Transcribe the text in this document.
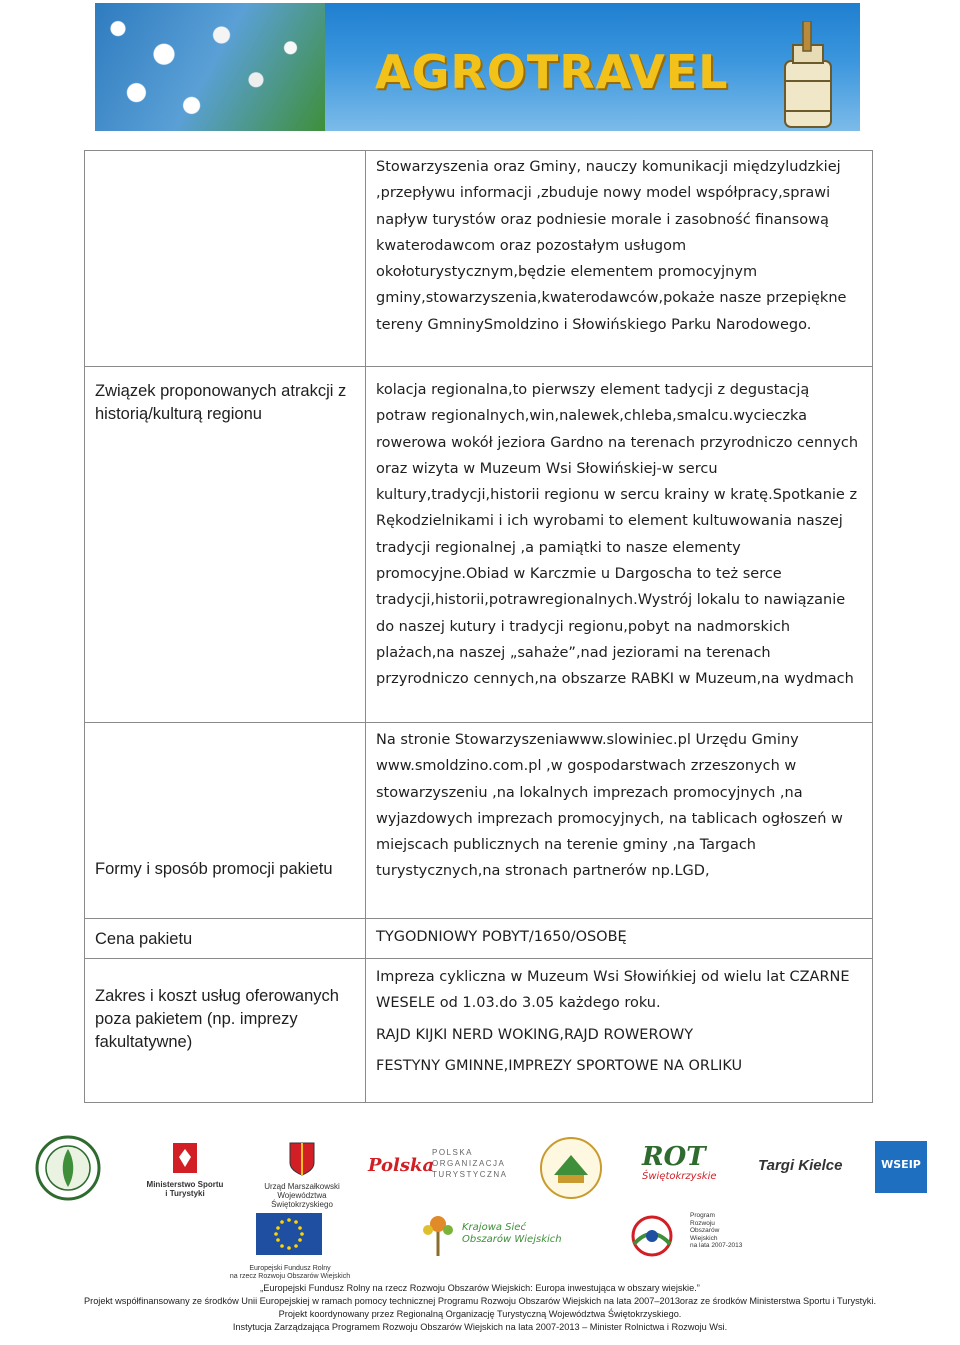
AGROTRAVEL

	Stowarzyszenia oraz Gminy, nauczy komunikacji międzyludzkiej ,przepływu informacji ,zbuduje nowy model współpracy,sprawi napływ turystów oraz podniesie morale i zasobność finansową kwaterodawcom oraz pozostałym usługom okołoturystycznym,będzie elementem promocyjnym gminy,stowarzyszenia,kwaterodawców,pokaże nasze przepiękne tereny GmninySmoldzino i Słowińskiego Parku Narodowego.

Związek proponowanych atrakcji z historią/kulturą regionu	kolacja regionalna,to pierwszy element tadycji z degustacją potraw regionalnych,win,nalewek,chleba,smalcu.wycieczka rowerowa wokół jeziora Gardno na terenach przyrodniczo cennych oraz wizyta w Muzeum Wsi Słowińskiej-w sercu kultury,tradycji,historii regionu w sercu krainy w kratę.Spotkanie z Rękodzielnikami i ich wyrobami to element kultuwowania naszej tradycji regionalnej ,a pamiątki to nasze elementy promocyjne.Obiad w Karczmie u Dargoscha to też serce tradycji,historii,potrawregionalnych.Wystrój lokalu to nawiązanie do naszej kutury i tradycji regionu,pobyt na nadmorskich plażach,na naszej „sahaże”,nad jeziorami na terenach przyrodniczo cennych,na obszarze RABKI w Muzeum,na wydmach

Formy i sposób promocji pakietu	Na stronie Stowarzyszeniawww.slowiniec.pl Urzędu Gminy www.smoldzino.com.pl ,w gospodarstwach zrzeszonych w stowarzyszeniu ,na lokalnych imprezach promocyjnych ,na wyjazdowych imprezach promocyjnych, na tablicach ogłoszeń w miejscach publicznych na terenie gminy ,na Targach turystycznych,na stronach partnerów np.LGD,

Cena pakietu	TYGODNIOWY POBYT/1650/OSOBĘ

Zakres i koszt usług oferowanych poza pakietem (np. imprezy fakultatywne)	Impreza cykliczna w Muzeum Wsi Słowińkiej od wielu lat CZARNE WESELE od 1.03.do 3.05 każdego roku.
RAJD KIJKI NERD WOKING,RAJD ROWEROWY
FESTYNY GMINNE,IMPREZY SPORTOWE NA ORLIKU
Ministerstwo Sportu i Turystyki
Urząd Marszałkowski Województwa Świętokrzyskiego
Polska
POLSKA
ORGANIZACJA
TURYSTYCZNA
ROT
Świętokrzyskie
Targi Kielce	WSEIP
Krajowa Sieć
Obszarów Wiejskich
Program
Rozwoju
Obszarów
Wiejskich
na lata 2007-2013
Europejski Fundusz Rolny
na rzecz Rozwoju Obszarów Wiejskich
„Europejski Fundusz Rolny na rzecz Rozwoju Obszarów Wiejskich: Europa inwestująca w obszary wiejskie.”
Projekt współfinansowany ze środków Unii Europejskiej w ramach pomocy technicznej Programu Rozwoju Obszarów Wiejskich na lata 2007–2013oraz ze środków Ministerstwa Sportu i Turystyki.
Projekt koordynowany przez Regionalną Organizację Turystyczną Województwa Świętokrzyskiego.
Instytucja Zarządzająca Programem Rozwoju Obszarów Wiejskich na lata 2007-2013 – Minister Rolnictwa i Rozwoju Wsi.
